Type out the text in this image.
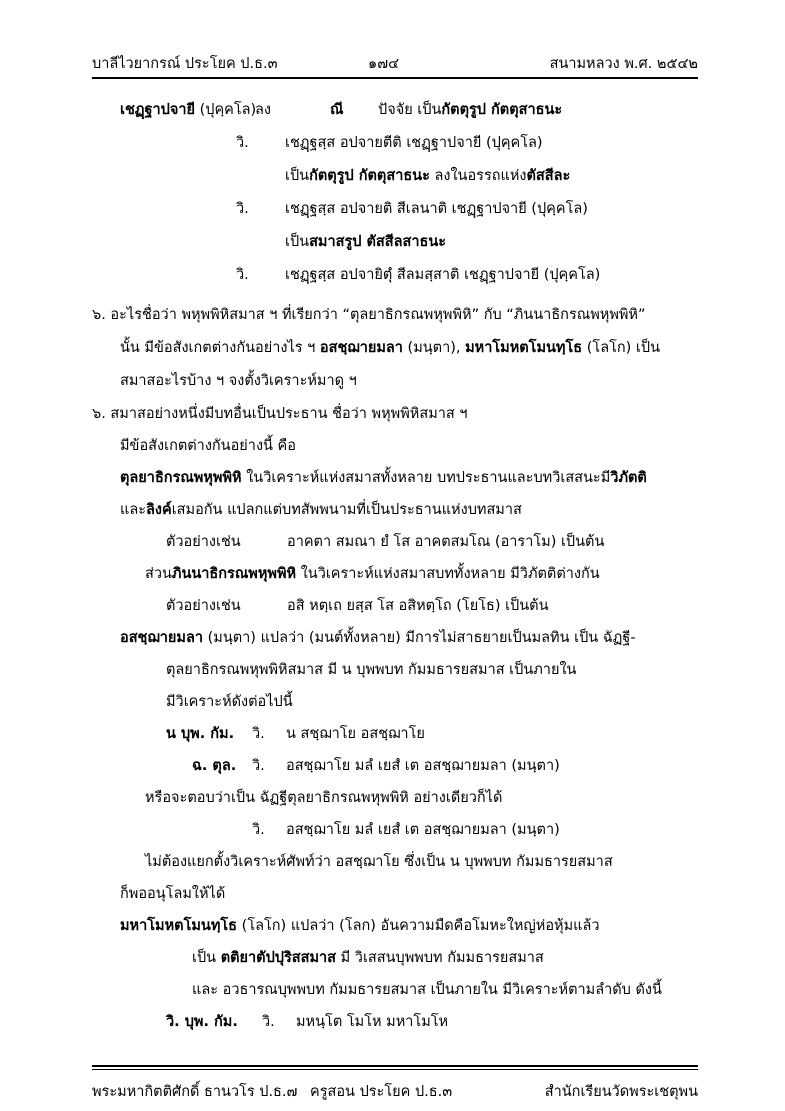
บาลีไวยากรณ์ ประโยค ป.ธ.๓	๑๗๔	สนามหลวง พ.ศ. ๒๕๔๒
เชฏฺฐาปจายี (ปุคฺคโล)
ลง	ณี ปัจจัย เป็นกัตตุรูป กัตตุสาธนะ
วิ. เชฏฺฐสฺส อปจายตีติ เชฏฺฐาปจายี (ปุคฺคโล)
เป็นกัตตุรูป กัตตุสาธนะ ลงในอรรถแห่งตัสสีละ
วิ. เชฏฺฐสฺส อปจายติ สีเลนาติ เชฏฺฐาปจายี (ปุคฺคโล)
เป็นสมาสรูป ตัสสีลสาธนะ
วิ. เชฏฺฐสฺส อปจายิตุํ สีลมสฺสาติ เชฏฺฐาปจายี (ปุคฺคโล)
๖. อะไรชื่อว่า พหุพพิหิสมาส ฯ ที่เรียกว่า “ตุลยาธิกรณพหุพพิหิ” กับ “ภินนาธิกรณพหุพพิหิ”
นั้น มีข้อสังเกตต่างกันอย่างไร ฯ อสชฺฌายมลา (มนฺตา), มหาโมหตโมนทฺโธ (โลโก) เป็น
สมาสอะไรบ้าง ฯ จงตั้งวิเคราะห์มาดู ฯ
๖. สมาสอย่างหนึ่งมีบทอื่นเป็นประธาน ชื่อว่า พหุพพิหิสมาส ฯ
มีข้อสังเกตต่างกันอย่างนี้ คือ
ตุลยาธิกรณพหุพพิหิ ในวิเคราะห์แห่งสมาสทั้งหลาย บทประธานและบทวิเสสนะมีวิภัตติ
และลิงค์เสมอกัน แปลกแต่บทสัพพนามที่เป็นประธานแห่งบทสมาส
ตัวอย่างเช่น	อาคตา สมณา ยํ โส อาคตสมโณ (อาราโม) เป็นต้น
ส่วนภินนาธิกรณพหุพพิหิ ในวิเคราะห์แห่งสมาสบททั้งหลาย มีวิภัตติต่างกัน
ตัวอย่างเช่น	อสิ หตฺเถ ยสฺส โส อสิหตฺโถ (โยโธ) เป็นต้น
อสชฺฌายมลา (มนฺตา) แปลว่า (มนต์ทั้งหลาย) มีการไม่สาธยายเป็นมลทิน เป็น ฉัฏฐี-
ตุลยาธิกรณพหุพพิหิสมาส มี น บุพพบท กัมมธารยสมาส เป็นภายใน
มีวิเคราะห์ดังต่อไปนี้
น บุพ. กัม. วิ. น สชฺฌาโย อสชฺฌาโย
ฉ. ตุล. วิ. อสชฺฌาโย มลํ เยสํ เต อสชฺฌายมลา (มนฺตา)
หรือจะตอบว่าเป็น ฉัฏฐีตุลยาธิกรณพหุพพิหิ อย่างเดียวก็ได้
วิ. อสชฺฌาโย มลํ เยสํ เต อสชฺฌายมลา (มนฺตา)
ไม่ต้องแยกตั้งวิเคราะห์ศัพท์ว่า อสชฺฌาโย ซึ่งเป็น น บุพพบท กัมมธารยสมาส
ก็พออนุโลมให้ได้
มหาโมหตโมนทฺโธ (โลโก) แปลว่า (โลก) อันความมืดคือโมหะใหญ่ห่อหุ้มแล้ว
เป็น ตติยาตัปปุริสสมาส มี วิเสสนบุพพบท กัมมธารยสมาส
และ อวธารณบุพพบท กัมมธารยสมาส เป็นภายใน มีวิเคราะห์ตามลำดับ ดังนี้
วิ. บุพ. กัม. วิ. มหนฺโต โมโห มหาโมโห
พระมหากิตติศักดิ์ ธานวโร ป.ธ.๗ ครูสอน ประโยค ป.ธ.๓	สำนักเรียนวัดพระเชตุพน
